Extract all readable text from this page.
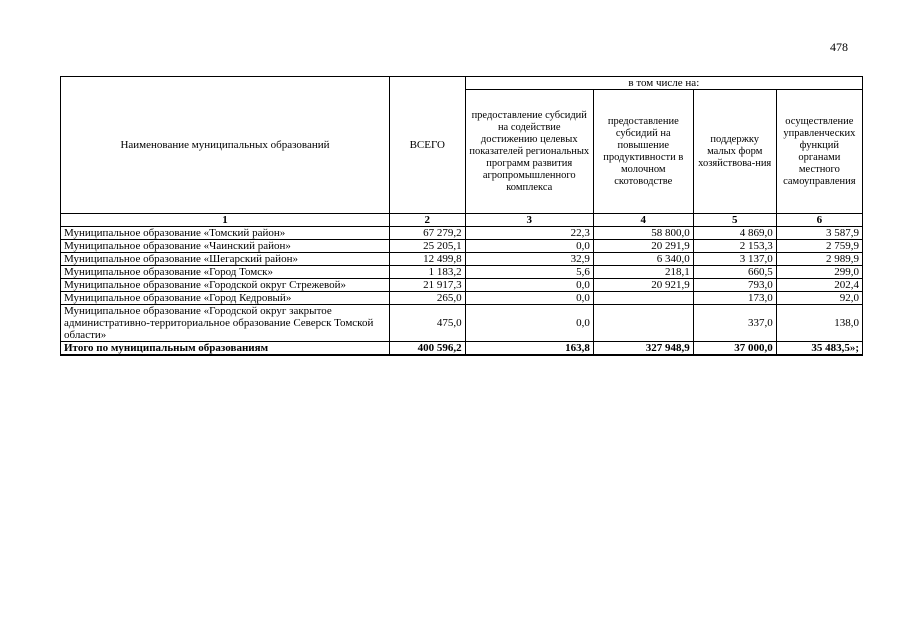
478
Наименование муниципальных образований	ВСЕГО	в том числе на:			
		предоставление субсидий на содействие достижению целевых показателей региональных программ развития агропромышленного комплекса	предоставление субсидий на повышение продуктивности в молочном скотоводстве	поддержку малых форм хозяйствова-ния	осуществление управленческих функций органами местного самоуправления
1	2	3	4	5	6
Муниципальное образование «Томский район»	67 279,2	22,3	58 800,0	4 869,0	3 587,9
Муниципальное образование «Чаинский район»	25 205,1	0,0	20 291,9	2 153,3	2 759,9
Муниципальное образование «Шегарский район»	12 499,8	32,9	6 340,0	3 137,0	2 989,9
Муниципальное образование «Город Томск»	1 183,2	5,6	218,1	660,5	299,0
Муниципальное образование «Городской округ Стрежевой»	21 917,3	0,0	20 921,9	793,0	202,4
Муниципальное образование «Город Кедровый»	265,0	0,0		173,0	92,0
Муниципальное образование «Городской округ закрытое административно-территориальное образование Северск Томской области»	475,0	0,0		337,0	138,0
Итого по муниципальным образованиям	400 596,2	163,8	327 948,9	37 000,0	35 483,5»;
